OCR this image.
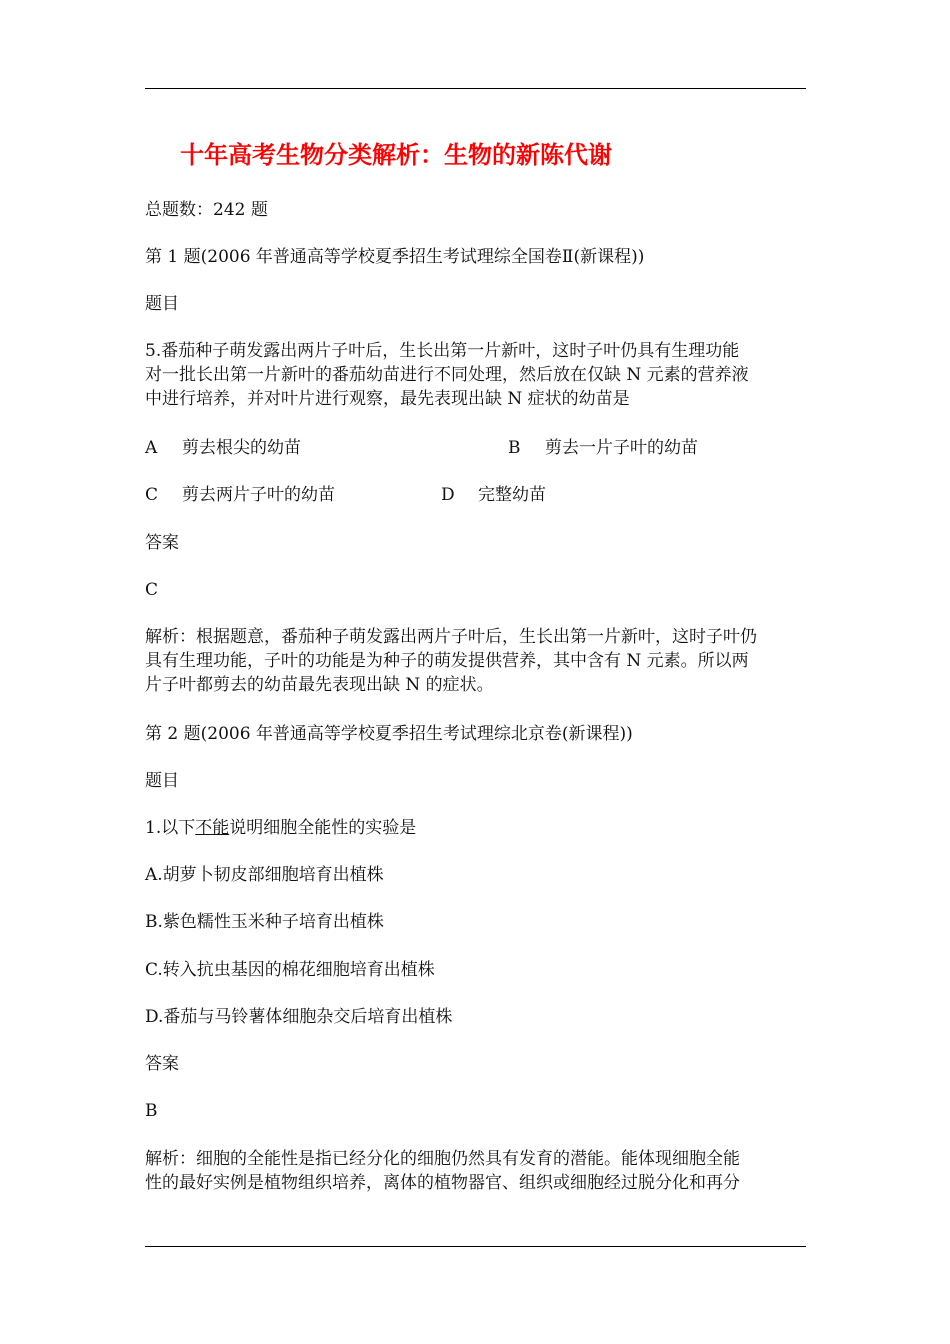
十年高考生物分类解析：生物的新陈代谢
总题数：242 题
第 1 题(2006 年普通高等学校夏季招生考试理综全国卷Ⅱ(新课程))
题目
5.番茄种子萌发露出两片子叶后，生长出第一片新叶，这时子叶仍具有生理功能
对一批长出第一片新叶的番茄幼苗进行不同处理，然后放在仅缺 N 元素的营养液
中进行培养，并对叶片进行观察，最先表现出缺 N 症状的幼苗是
A 剪去根尖的幼苗	B 剪去一片子叶的幼苗
C 剪去两片子叶的幼苗	D 完整幼苗
答案
C
解析：根据题意，番茄种子萌发露出两片子叶后，生长出第一片新叶，这时子叶仍
具有生理功能，子叶的功能是为种子的萌发提供营养，其中含有 N 元素。所以两
片子叶都剪去的幼苗最先表现出缺 N 的症状。
第 2 题(2006 年普通高等学校夏季招生考试理综北京卷(新课程))
题目
1.以下不能说明细胞全能性的实验是
A.胡萝卜韧皮部细胞培育出植株
B.紫色糯性玉米种子培育出植株
C.转入抗虫基因的棉花细胞培育出植株
D.番茄与马铃薯体细胞杂交后培育出植株
答案
B
解析：细胞的全能性是指已经分化的细胞仍然具有发育的潜能。能体现细胞全能
性的最好实例是植物组织培养，离体的植物器官、组织或细胞经过脱分化和再分
